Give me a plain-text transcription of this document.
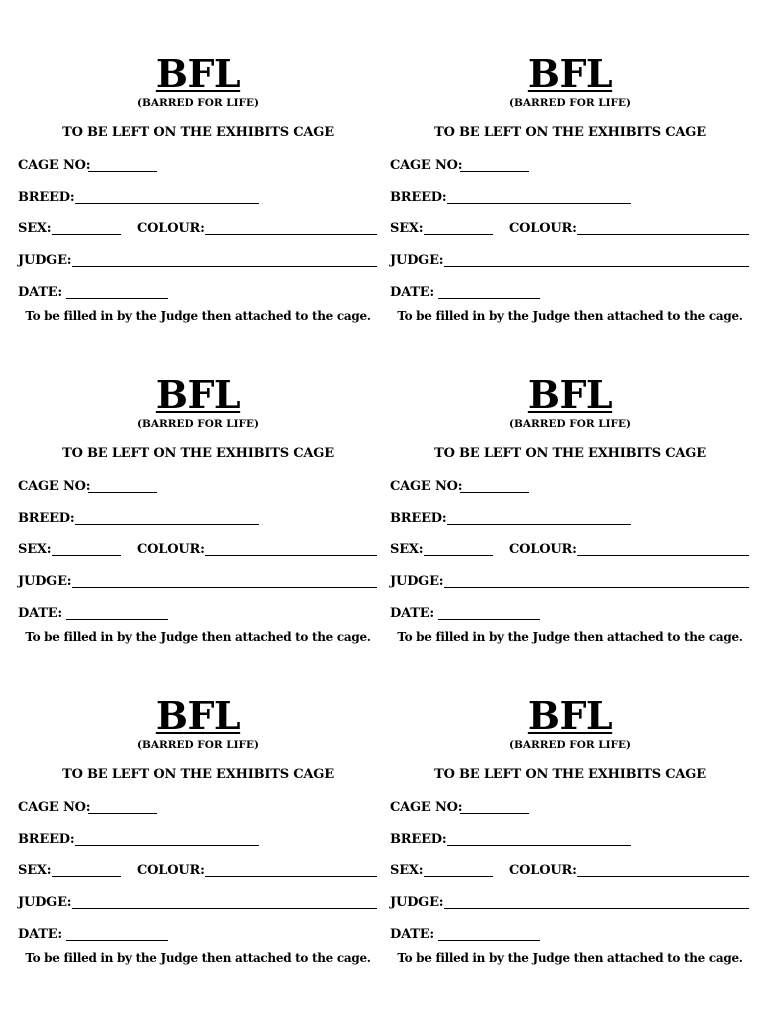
BFL
(BARRED FOR LIFE)
TO BE LEFT ON THE EXHIBITS CAGE
CAGE NO:
BREED:
SEX:	COLOUR:
JUDGE:
DATE:
To be filled in by the Judge then attached to the cage.
BFL
(BARRED FOR LIFE)
TO BE LEFT ON THE EXHIBITS CAGE
CAGE NO:
BREED:
SEX:	COLOUR:
JUDGE:
DATE:
To be filled in by the Judge then attached to the cage.
BFL
(BARRED FOR LIFE)
TO BE LEFT ON THE EXHIBITS CAGE
CAGE NO:
BREED:
SEX:	COLOUR:
JUDGE:
DATE:
To be filled in by the Judge then attached to the cage.
BFL
(BARRED FOR LIFE)
TO BE LEFT ON THE EXHIBITS CAGE
CAGE NO:
BREED:
SEX:	COLOUR:
JUDGE:
DATE:
To be filled in by the Judge then attached to the cage.
BFL
(BARRED FOR LIFE)
TO BE LEFT ON THE EXHIBITS CAGE
CAGE NO:
BREED:
SEX:	COLOUR:
JUDGE:
DATE:
To be filled in by the Judge then attached to the cage.
BFL
(BARRED FOR LIFE)
TO BE LEFT ON THE EXHIBITS CAGE
CAGE NO:
BREED:
SEX:	COLOUR:
JUDGE:
DATE:
To be filled in by the Judge then attached to the cage.
